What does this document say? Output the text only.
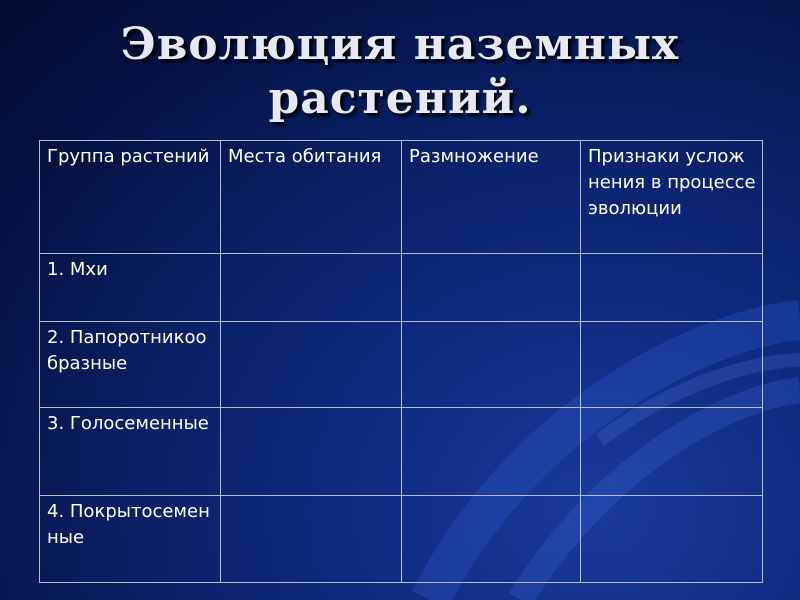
Эволюция наземных
растений.
Группа растений	Места обитания	Размножение	Признаки усложнения в процессе эволюции
1. Мхи			
2. Папоротникообразные			
3. Голосеменные			
4. Покрытосеменные			
